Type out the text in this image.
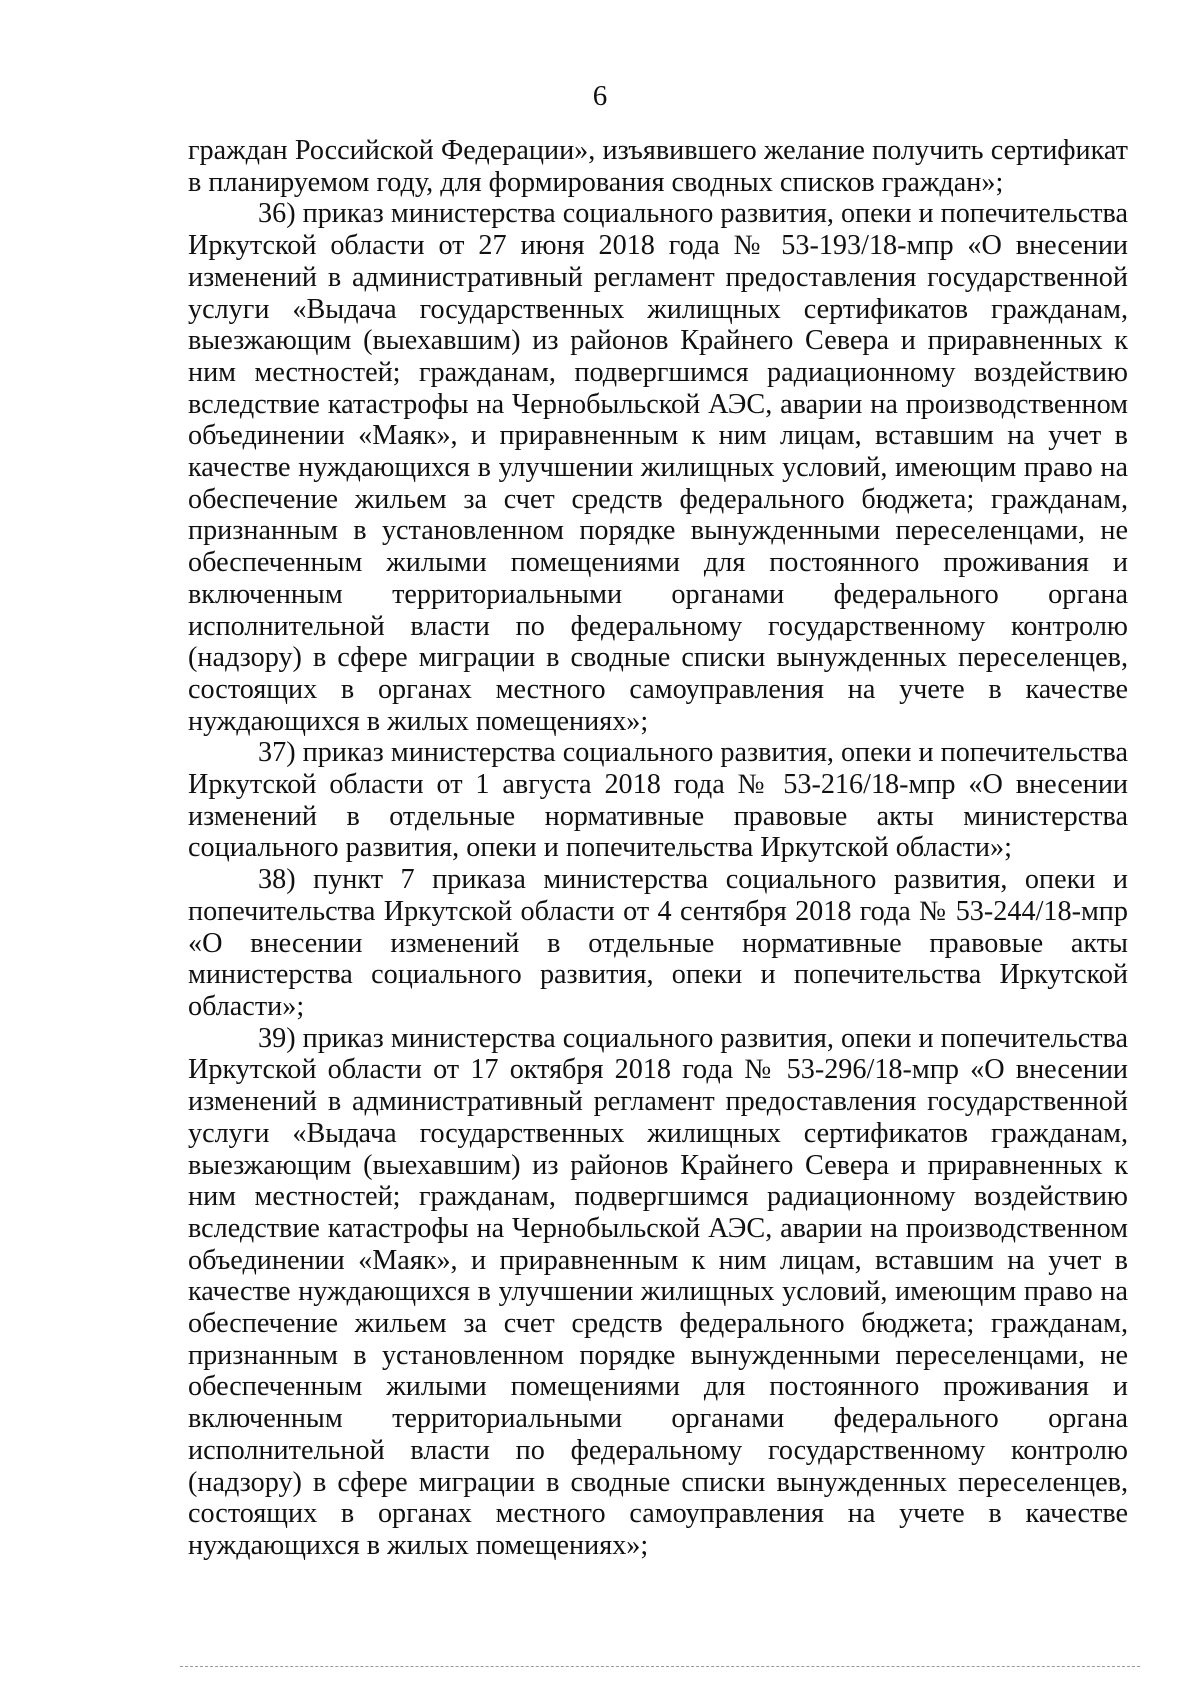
6

граждан Российской Федерации», изъявившего желание получить сертификат в планируемом году, для формирования сводных списков граждан»;

36) приказ министерства социального развития, опеки и попечительства Иркутской области от 27 июня 2018 года № 53-193/18-мпр «О внесении изменений в административный регламент предоставления государственной услуги «Выдача государственных жилищных сертификатов гражданам, выезжающим (выехавшим) из районов Крайнего Севера и приравненных к ним местностей; гражданам, подвергшимся радиационному воздействию вследствие катастрофы на Чернобыльской АЭС, аварии на производственном объединении «Маяк», и приравненным к ним лицам, вставшим на учет в качестве нуждающихся в улучшении жилищных условий, имеющим право на обеспечение жильем за счет средств федерального бюджета; гражданам, признанным в установленном порядке вынужденными переселенцами, не обеспеченным жилыми помещениями для постоянного проживания и включенным территориальными органами федерального органа исполнительной власти по федеральному государственному контролю (надзору) в сфере миграции в сводные списки вынужденных переселенцев, состоящих в органах местного самоуправления на учете в качестве нуждающихся в жилых помещениях»;

37) приказ министерства социального развития, опеки и попечительства Иркутской области от 1 августа 2018 года № 53-216/18-мпр «О внесении изменений в отдельные нормативные правовые акты министерства социального развития, опеки и попечительства Иркутской области»;

38) пункт 7 приказа министерства социального развития, опеки и попечительства Иркутской области от 4 сентября 2018 года № 53-244/18-мпр «О внесении изменений в отдельные нормативные правовые акты министерства социального развития, опеки и попечительства Иркутской области»;

39) приказ министерства социального развития, опеки и попечительства Иркутской области от 17 октября 2018 года № 53-296/18-мпр «О внесении изменений в административный регламент предоставления государственной услуги «Выдача государственных жилищных сертификатов гражданам, выезжающим (выехавшим) из районов Крайнего Севера и приравненных к ним местностей; гражданам, подвергшимся радиационному воздействию вследствие катастрофы на Чернобыльской АЭС, аварии на производственном объединении «Маяк», и приравненным к ним лицам, вставшим на учет в качестве нуждающихся в улучшении жилищных условий, имеющим право на обеспечение жильем за счет средств федерального бюджета; гражданам, признанным в установленном порядке вынужденными переселенцами, не обеспеченным жилыми помещениями для постоянного проживания и включенным территориальными органами федерального органа исполнительной власти по федеральному государственному контролю (надзору) в сфере миграции в сводные списки вынужденных переселенцев, состоящих в органах местного самоуправления на учете в качестве нуждающихся в жилых помещениях»;
